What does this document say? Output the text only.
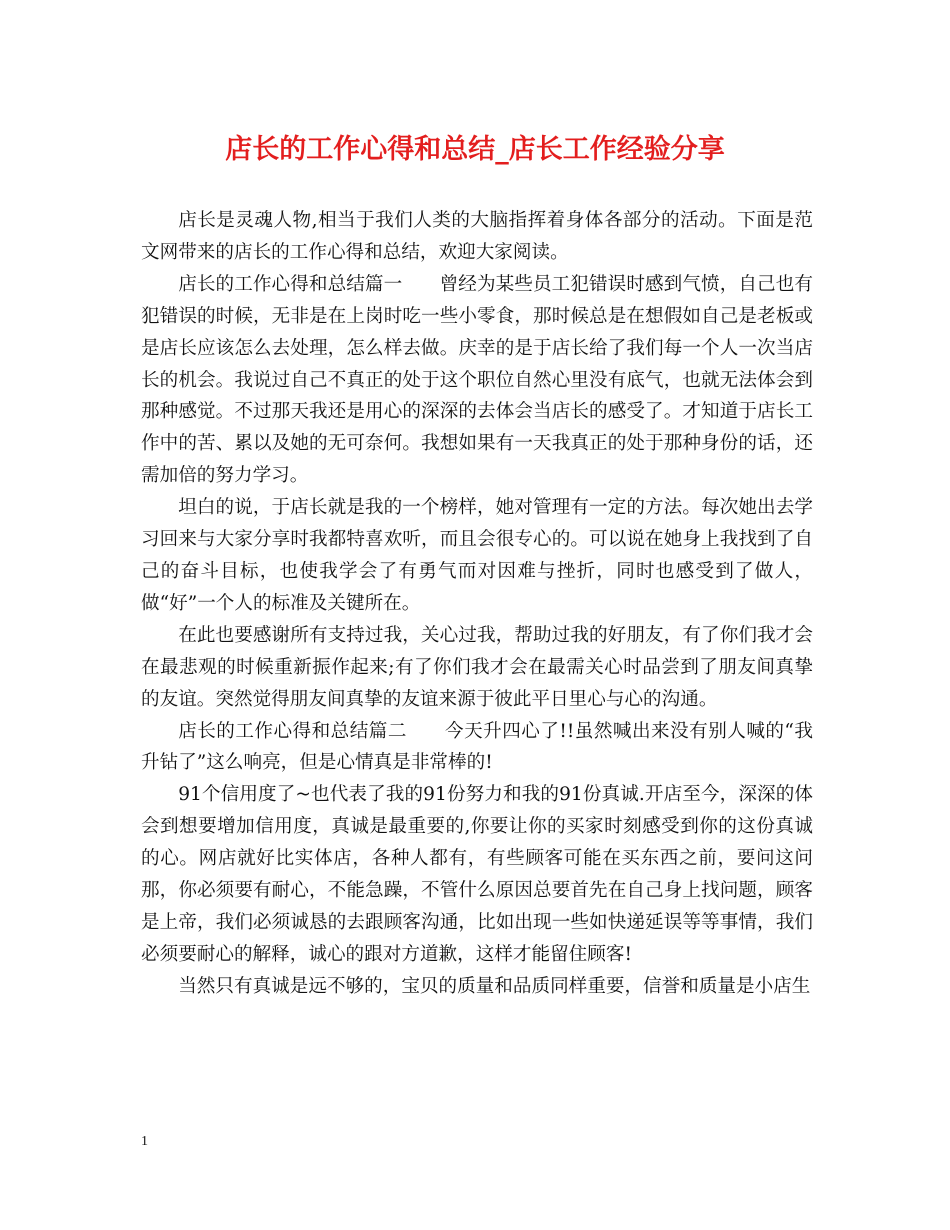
店长的工作心得和总结_店长工作经验分享

店长是灵魂人物,相当于我们人类的大脑指挥着身体各部分的活动。下面是范文网带来的店长的工作心得和总结，欢迎大家阅读。

店长的工作心得和总结篇一　　曾经为某些员工犯错误时感到气愤，自己也有犯错误的时候，无非是在上岗时吃一些小零食，那时候总是在想假如自己是老板或是店长应该怎么去处理，怎么样去做。庆幸的是于店长给了我们每一个人一次当店长的机会。我说过自己不真正的处于这个职位自然心里没有底气，也就无法体会到那种感觉。不过那天我还是用心的深深的去体会当店长的感受了。才知道于店长工作中的苦、累以及她的无可奈何。我想如果有一天我真正的处于那种身份的话，还需加倍的努力学习。

坦白的说，于店长就是我的一个榜样，她对管理有一定的方法。每次她出去学习回来与大家分享时我都特喜欢听，而且会很专心的。可以说在她身上我找到了自己的奋斗目标，也使我学会了有勇气而对因难与挫折，同时也感受到了做人，做“好”一个人的标准及关键所在。

在此也要感谢所有支持过我，关心过我，帮助过我的好朋友，有了你们我才会在最悲观的时候重新振作起来;有了你们我才会在最需关心时品尝到了朋友间真挚的友谊。突然觉得朋友间真挚的友谊来源于彼此平日里心与心的沟通。

店长的工作心得和总结篇二　　今天升四心了!!虽然喊出来没有别人喊的“我升钻了”这么响亮，但是心情真是非常棒的!

91个信用度了~也代表了我的91份努力和我的91份真诚.开店至今，深深的体会到想要增加信用度，真诚是最重要的,你要让你的买家时刻感受到你的这份真诚的心。网店就好比实体店，各种人都有，有些顾客可能在买东西之前，要问这问那，你必须要有耐心，不能急躁，不管什么原因总要首先在自己身上找问题，顾客是上帝，我们必须诚恳的去跟顾客沟通，比如出现一些如快递延误等等事情，我们必须要耐心的解释，诚心的跟对方道歉，这样才能留住顾客!

当然只有真诚是远不够的，宝贝的质量和品质同样重要，信誉和质量是小店生

1
